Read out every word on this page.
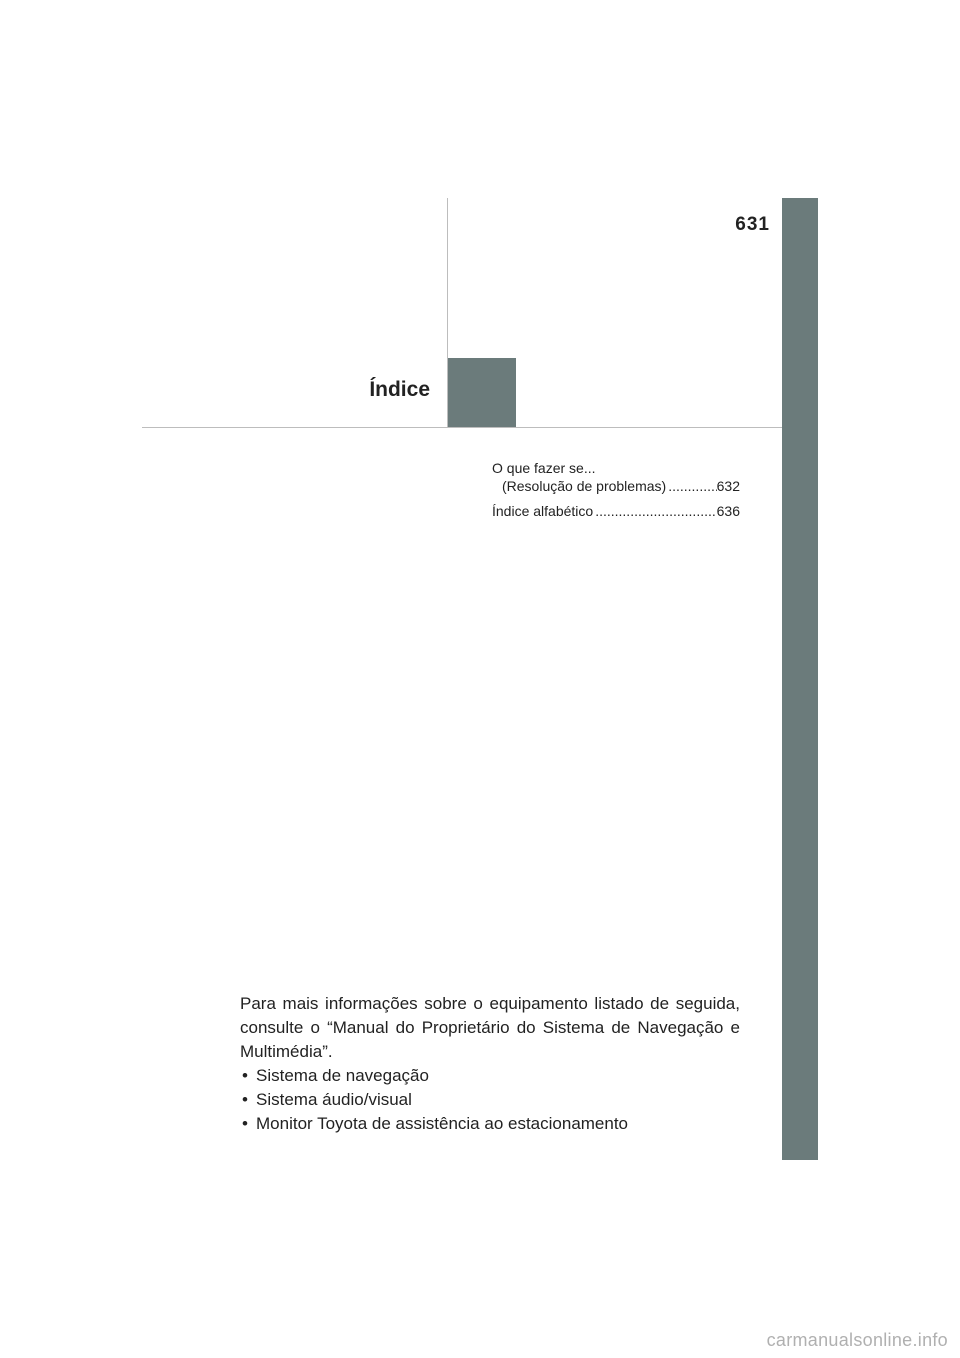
631
Índice
O que fazer se...
(Resolução de problemas) .....	632
Índice alfabético .....	636

Para mais informações sobre o equipamento listado de seguida, consulte o “Manual do Proprietário do Sistema de Navegação e Multimédia”.

• Sistema de navegação
• Sistema áudio/visual
• Monitor Toyota de assistência ao estacionamento
carmanualsonline.info
